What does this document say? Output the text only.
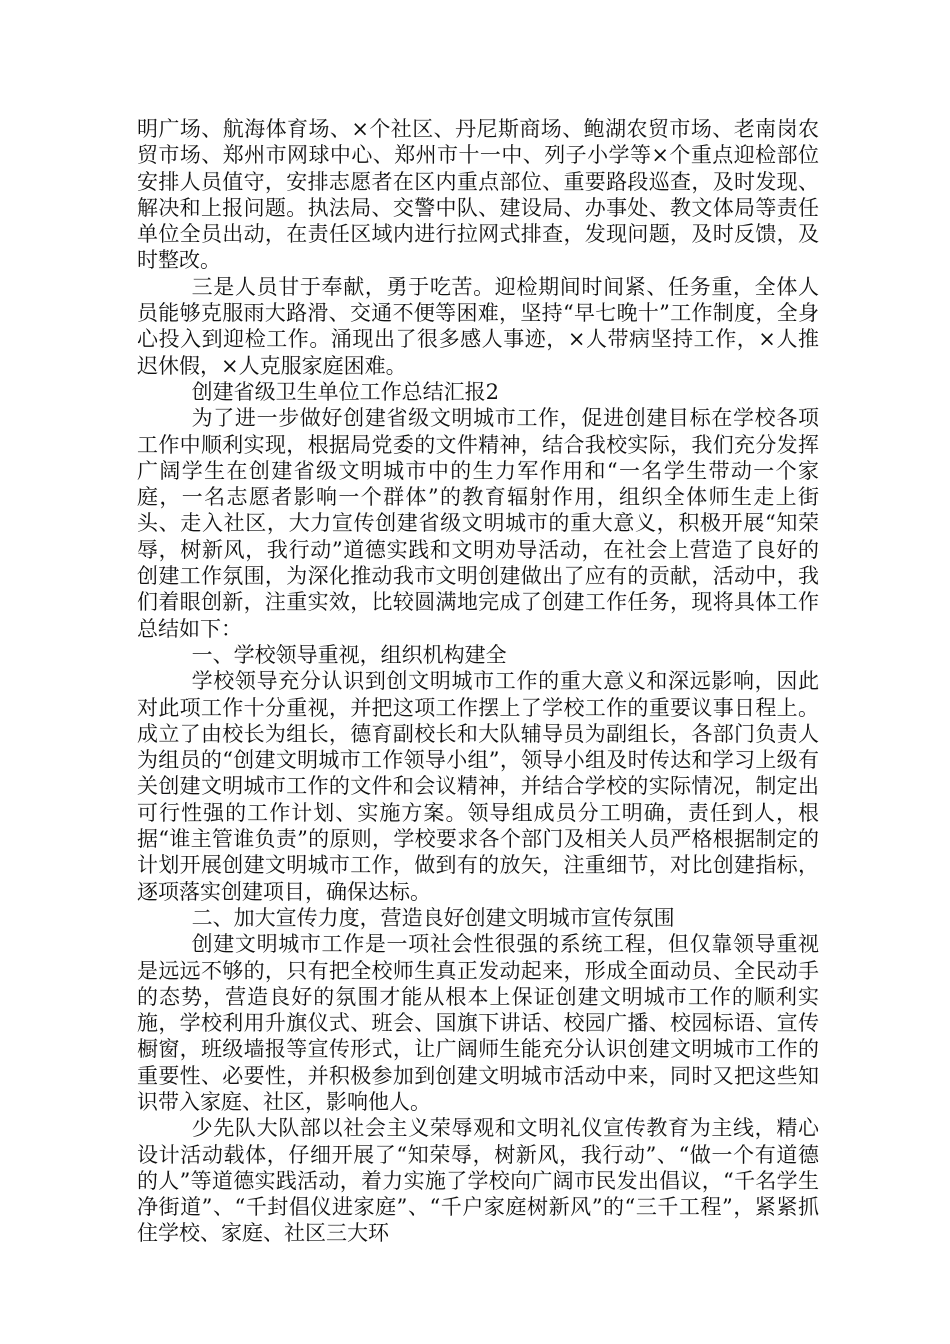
明广场、航海体育场、×个社区、丹尼斯商场、鲍湖农贸市场、老南岗农贸市场、郑州市网球中心、郑州市十一中、列子小学等×个重点迎检部位安排人员值守，安排志愿者在区内重点部位、重要路段巡查，及时发现、解决和上报问题。执法局、交警中队、建设局、办事处、教文体局等责任单位全员出动，在责任区域内进行拉网式排查，发现问题，及时反馈，及时整改。

三是人员甘于奉献，勇于吃苦。迎检期间时间紧、任务重，全体人员能够克服雨大路滑、交通不便等困难，坚持“早七晚十”工作制度，全身心投入到迎检工作。涌现出了很多感人事迹，×人带病坚持工作，×人推迟休假，×人克服家庭困难。

创建省级卫生单位工作总结汇报2

为了进一步做好创建省级文明城市工作，促进创建目标在学校各项工作中顺利实现，根据局党委的文件精神，结合我校实际，我们充分发挥广阔学生在创建省级文明城市中的生力军作用和“一名学生带动一个家庭，一名志愿者影响一个群体”的教育辐射作用，组织全体师生走上街头、走入社区，大力宣传创建省级文明城市的重大意义，积极开展“知荣辱，树新风，我行动”道德实践和文明劝导活动，在社会上营造了良好的创建工作氛围，为深化推动我市文明创建做出了应有的贡献，活动中，我们着眼创新，注重实效，比较圆满地完成了创建工作任务，现将具体工作总结如下：

一、学校领导重视，组织机构建全

学校领导充分认识到创文明城市工作的重大意义和深远影响，因此对此项工作十分重视，并把这项工作摆上了学校工作的重要议事日程上。成立了由校长为组长，德育副校长和大队辅导员为副组长，各部门负责人为组员的“创建文明城市工作领导小组”，领导小组及时传达和学习上级有关创建文明城市工作的文件和会议精神，并结合学校的实际情况，制定出可行性强的工作计划、实施方案。领导组成员分工明确，责任到人，根据“谁主管谁负责”的原则，学校要求各个部门及相关人员严格根据制定的计划开展创建文明城市工作，做到有的放矢，注重细节，对比创建指标，逐项落实创建项目，确保达标。

二、加大宣传力度，营造良好创建文明城市宣传氛围

创建文明城市工作是一项社会性很强的系统工程，但仅靠领导重视是远远不够的，只有把全校师生真正发动起来，形成全面动员、全民动手的态势，营造良好的氛围才能从根本上保证创建文明城市工作的顺利实施，学校利用升旗仪式、班会、国旗下讲话、校园广播、校园标语、宣传橱窗，班级墙报等宣传形式，让广阔师生能充分认识创建文明城市工作的重要性、必要性，并积极参加到创建文明城市活动中来，同时又把这些知识带入家庭、社区，影响他人。

少先队大队部以社会主义荣辱观和文明礼仪宣传教育为主线，精心设计活动载体，仔细开展了“知荣辱，树新风，我行动”、“做一个有道德的人”等道德实践活动，着力实施了学校向广阔市民发出倡议，“千名学生净街道”、“千封倡仪进家庭”、“千户家庭树新风”的“三千工程”，紧紧抓住学校、家庭、社区三大环
